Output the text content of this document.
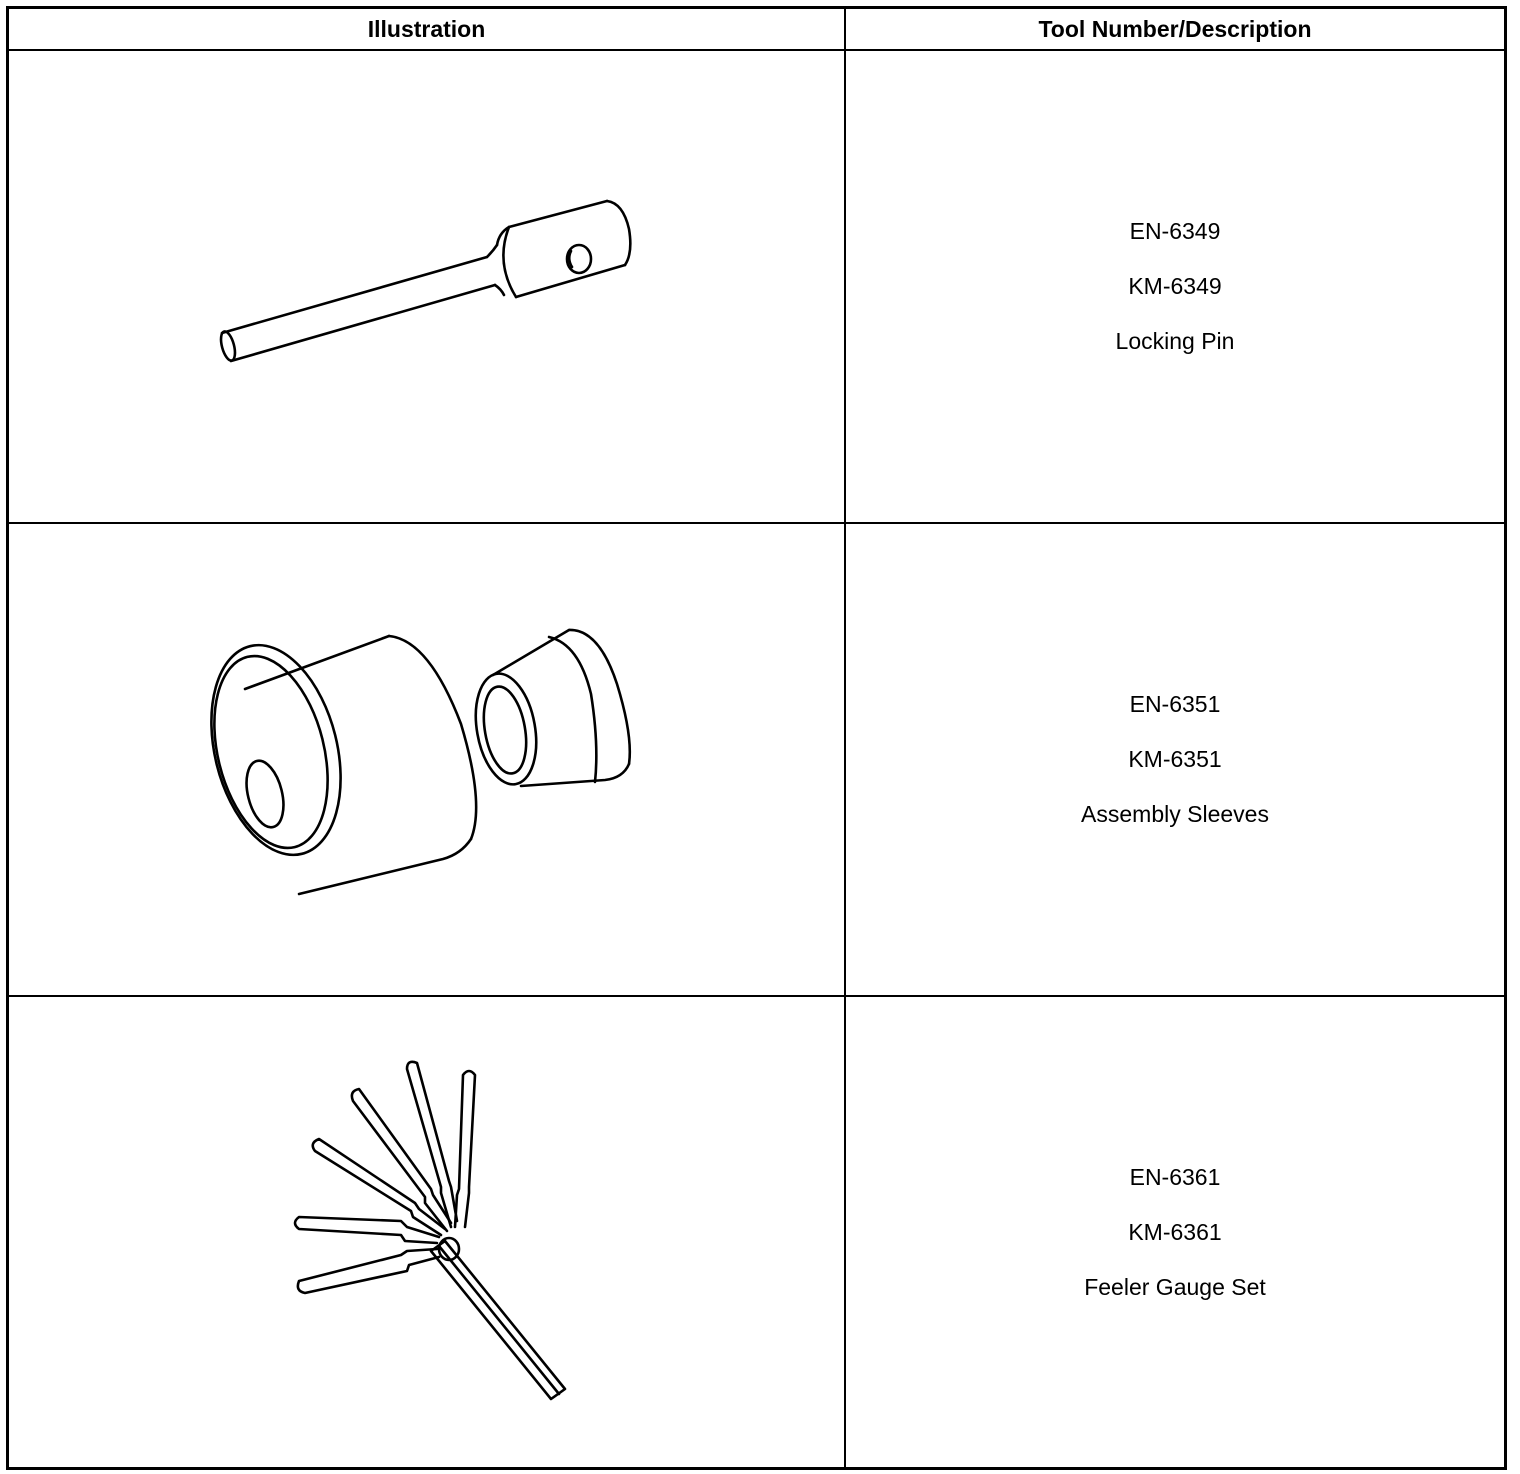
Illustration	Tool Number/Description
EN-6349
KM-6349
Locking Pin
EN-6351
KM-6351
Assembly Sleeves
EN-6361
KM-6361
Feeler Gauge Set
